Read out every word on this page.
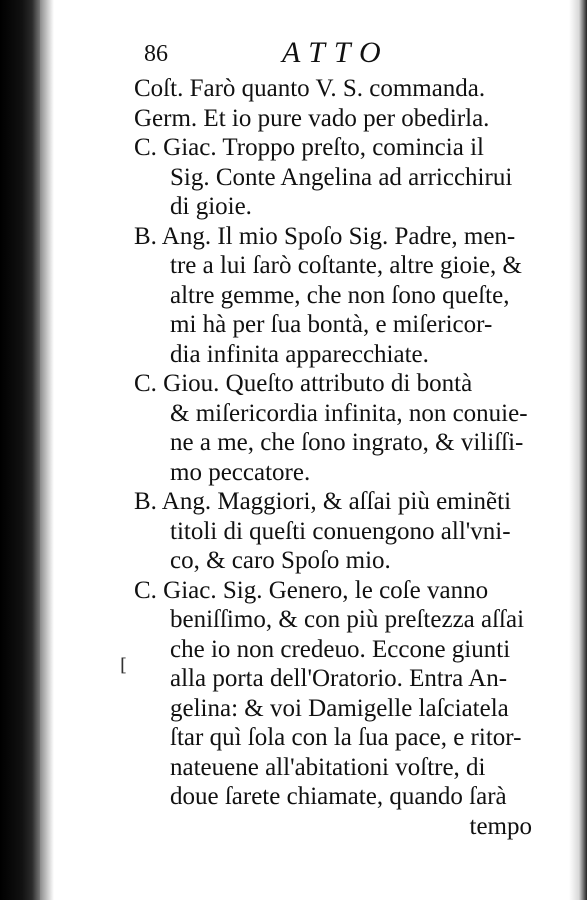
[
86	ATTO
Coſt. Farò quanto V. S. commanda.
Germ. Et io pure vado per obedirla.
C. Giac. Troppo preſto, comincia il
Sig. Conte Angelina ad arricchirui
di gioie.
B. Ang. Il mio Spoſo Sig. Padre, men-
tre a lui ſarò coſtante, altre gioie, &
altre gemme, che non ſono queſte,
mi hà per ſua bontà, e miſericor-
dia infinita apparecchiate.
C. Giou. Queſto attributo di bontà
& miſericordia infinita, non conuie-
ne a me, che ſono ingrato, & viliſſi-
mo peccatore.
B. Ang. Maggiori, & aſſai più eminẽti
titoli di queſti conuengono all'vni-
co, & caro Spoſo mio.
C. Giac. Sig. Genero, le coſe vanno
beniſſimo, & con più preſtezza aſſai
che io non credeuo. Eccone giunti
alla porta dell'Oratorio. Entra An-
gelina: & voi Damigelle laſciatela
ſtar quì ſola con la ſua pace, e ritor-
nateuene all'abitationi voſtre, di
doue ſarete chiamate, quando ſarà
tempo
